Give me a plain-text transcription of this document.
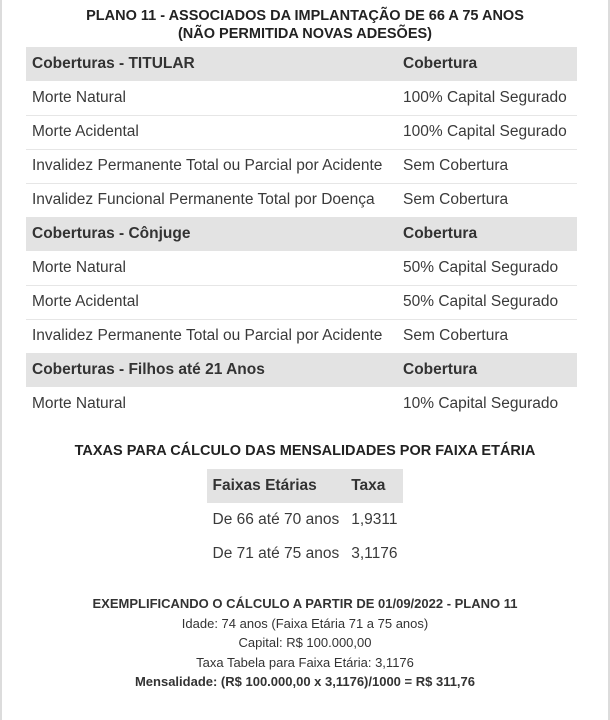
PLANO 11 - ASSOCIADOS DA IMPLANTAÇÃO DE 66 A 75 ANOS
(NÃO PERMITIDA NOVAS ADESÕES)
Coberturas - TITULAR	Cobertura
Morte Natural	100% Capital Segurado
Morte Acidental	100% Capital Segurado
Invalidez Permanente Total ou Parcial por Acidente	Sem Cobertura
Invalidez Funcional Permanente Total por Doença	Sem Cobertura
Coberturas - Cônjuge	Cobertura
Morte Natural	50% Capital Segurado
Morte Acidental	50% Capital Segurado
Invalidez Permanente Total ou Parcial por Acidente	Sem Cobertura
Coberturas - Filhos até 21 Anos	Cobertura
Morte Natural	10% Capital Segurado
TAXAS PARA CÁLCULO DAS MENSALIDADES POR FAIXA ETÁRIA
Faixas Etárias	Taxa
De 66 até 70 anos	1,9311
De 71 até 75 anos	3,1176
EXEMPLIFICANDO O CÁLCULO A PARTIR DE 01/09/2022 - PLANO 11
Idade: 74 anos (Faixa Etária 71 a 75 anos)
Capital: R$ 100.000,00
Taxa Tabela para Faixa Etária: 3,1176
Mensalidade: (R$ 100.000,00 x 3,1176)/1000 = R$ 311,76
